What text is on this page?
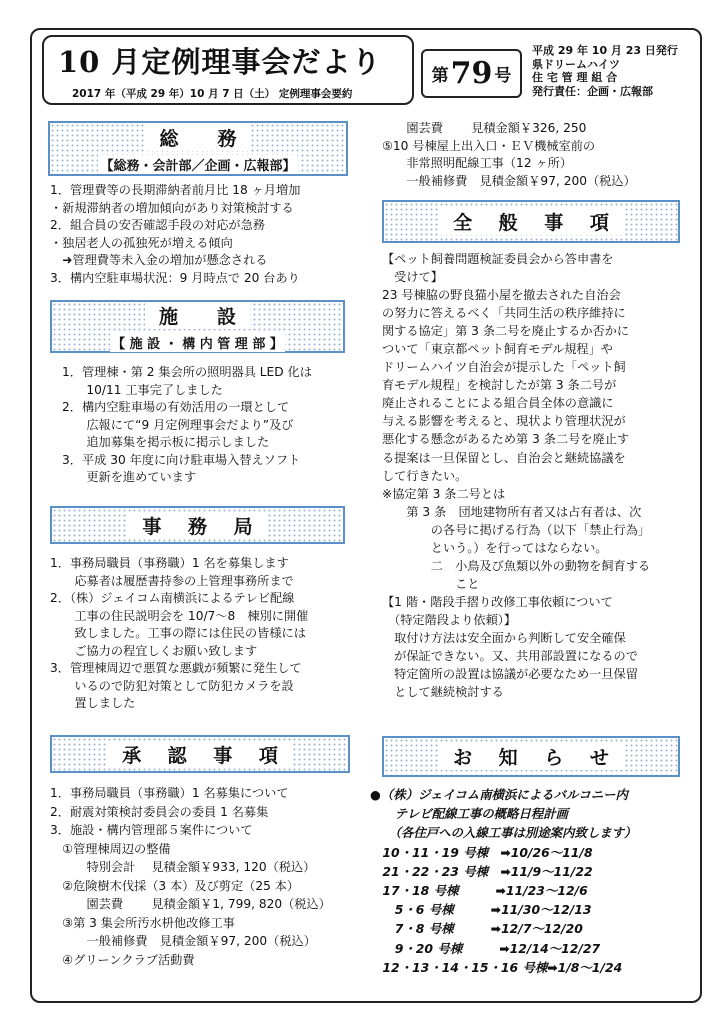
10 月定例理事会だより
2017 年（平成 29 年）10 月 7 日（土） 定例理事会要約
第 79 号
平成 29 年 10 月 23 日発行
県ドリームハイツ
住 宅 管 理 組 合
発行責任：企画・広報部
総　務
【総務・会計部／企画・広報部】
1．管理費等の長期滞納者前月比 18 ヶ月増加
・新規滞納者の増加傾向があり対策検討する
2．組合員の安否確認手段の対応が急務
・独居老人の孤独死が増える傾向
　➜管理費等未入金の増加が懸念される
3．構内空駐車場状況：9 月時点で 20 台あり
施　設
【 施 設 ・ 構 内 管 理 部 】
1．管理棟・第 2 集会所の照明器具 LED 化は
　　10/11 工事完了しました
2．構内空駐車場の有効活用の一環として
　　広報にて“9 月定例理事会だより”及び
　　追加募集を掲示板に掲示しました
3．平成 30 年度に向け駐車場入替えソフト
　　更新を進めています
事 務 局
1．事務局職員（事務職）1 名を募集します
　　応募者は履歴書持参の上管理事務所まで
2．（株）ジェイコム南横浜によるテレビ配線
　　工事の住民説明会を 10/7～8　棟別に開催
　　致しました。工事の際には住民の皆様には
　　ご協力の程宜しくお願い致します
3．管理棟周辺で悪質な悪戯が頻繁に発生して
　　いるので防犯対策として防犯カメラを設
　　置しました
承 認 事 項
1．事務局職員（事務職）1 名募集について
2．耐震対策検討委員会の委員 1 名募集
3．施設・構内管理部５案件について
　①管理棟周辺の整備
　　　特別会計　 見積金額￥933, 120（税込）
　②危険樹木伐採（3 本）及び剪定（25 本）
　　　園芸費　　 見積金額￥1, 799, 820（税込）
　③第 3 集会所汚水枡他改修工事
　　　一般補修費　見積金額￥97, 200（税込）
　④グリーンクラブ活動費
　　園芸費　　 見積金額￥326, 250
⑤10 号棟屋上出入口・ＥＶ機械室前の
　　非常照明配線工事（12 ヶ所）
　　一般補修費　見積金額￥97, 200（税込）
全 般 事 項
【ペット飼養問題検証委員会から答申書を
　受けて】
23 号棟脇の野良猫小屋を撤去された自治会
の努力に答えるべく「共同生活の秩序維持に
関する協定」第 3 条二号を廃止するか否かに
ついて「東京都ペット飼育モデル規程」や
ドリームハイツ自治会が提示した「ペット飼
育モデル規程」を検討したが第 3 条二号が
廃止されることによる組合員全体の意識に
与える影響を考えると、現状より管理状況が
悪化する懸念があるため第 3 条二号を廃止す
る提案は一旦保留とし、自治会と継続協議を
して行きたい。
※協定第 3 条二号とは
　　第 3 条　団地建物所有者又は占有者は、次
　　　　の各号に掲げる行為（以下「禁止行為」
　　　　という。）を行ってはならない。
　　　　二　小鳥及び魚類以外の動物を飼育する
　　　　　　こと
【1 階・階段手摺り改修工事依頼について
　（特定階段より依頼）】
　取付け方法は安全面から判断して安全確保
　が保証できない。又、共用部設置になるので
　特定箇所の設置は協議が必要なため一旦保留
　として継続検討する
お 知 ら せ
●（株）ジェイコム南横浜によるバルコニー内
　　テレビ配線工事の概略日程計画
　　（各住戸への入線工事は別途案内致します）
　10・11・19 号棟　➡10/26～11/8
　21・22・23 号棟　➡11/9～11/22
　17・18 号棟　　　➡11/23～12/6
　　5・6 号棟　　　➡11/30～12/13
　　7・8 号棟　　　➡12/7～12/20
　　9・20 号棟　　　➡12/14～12/27
　12・13・14・15・16 号棟➡1/8～1/24
